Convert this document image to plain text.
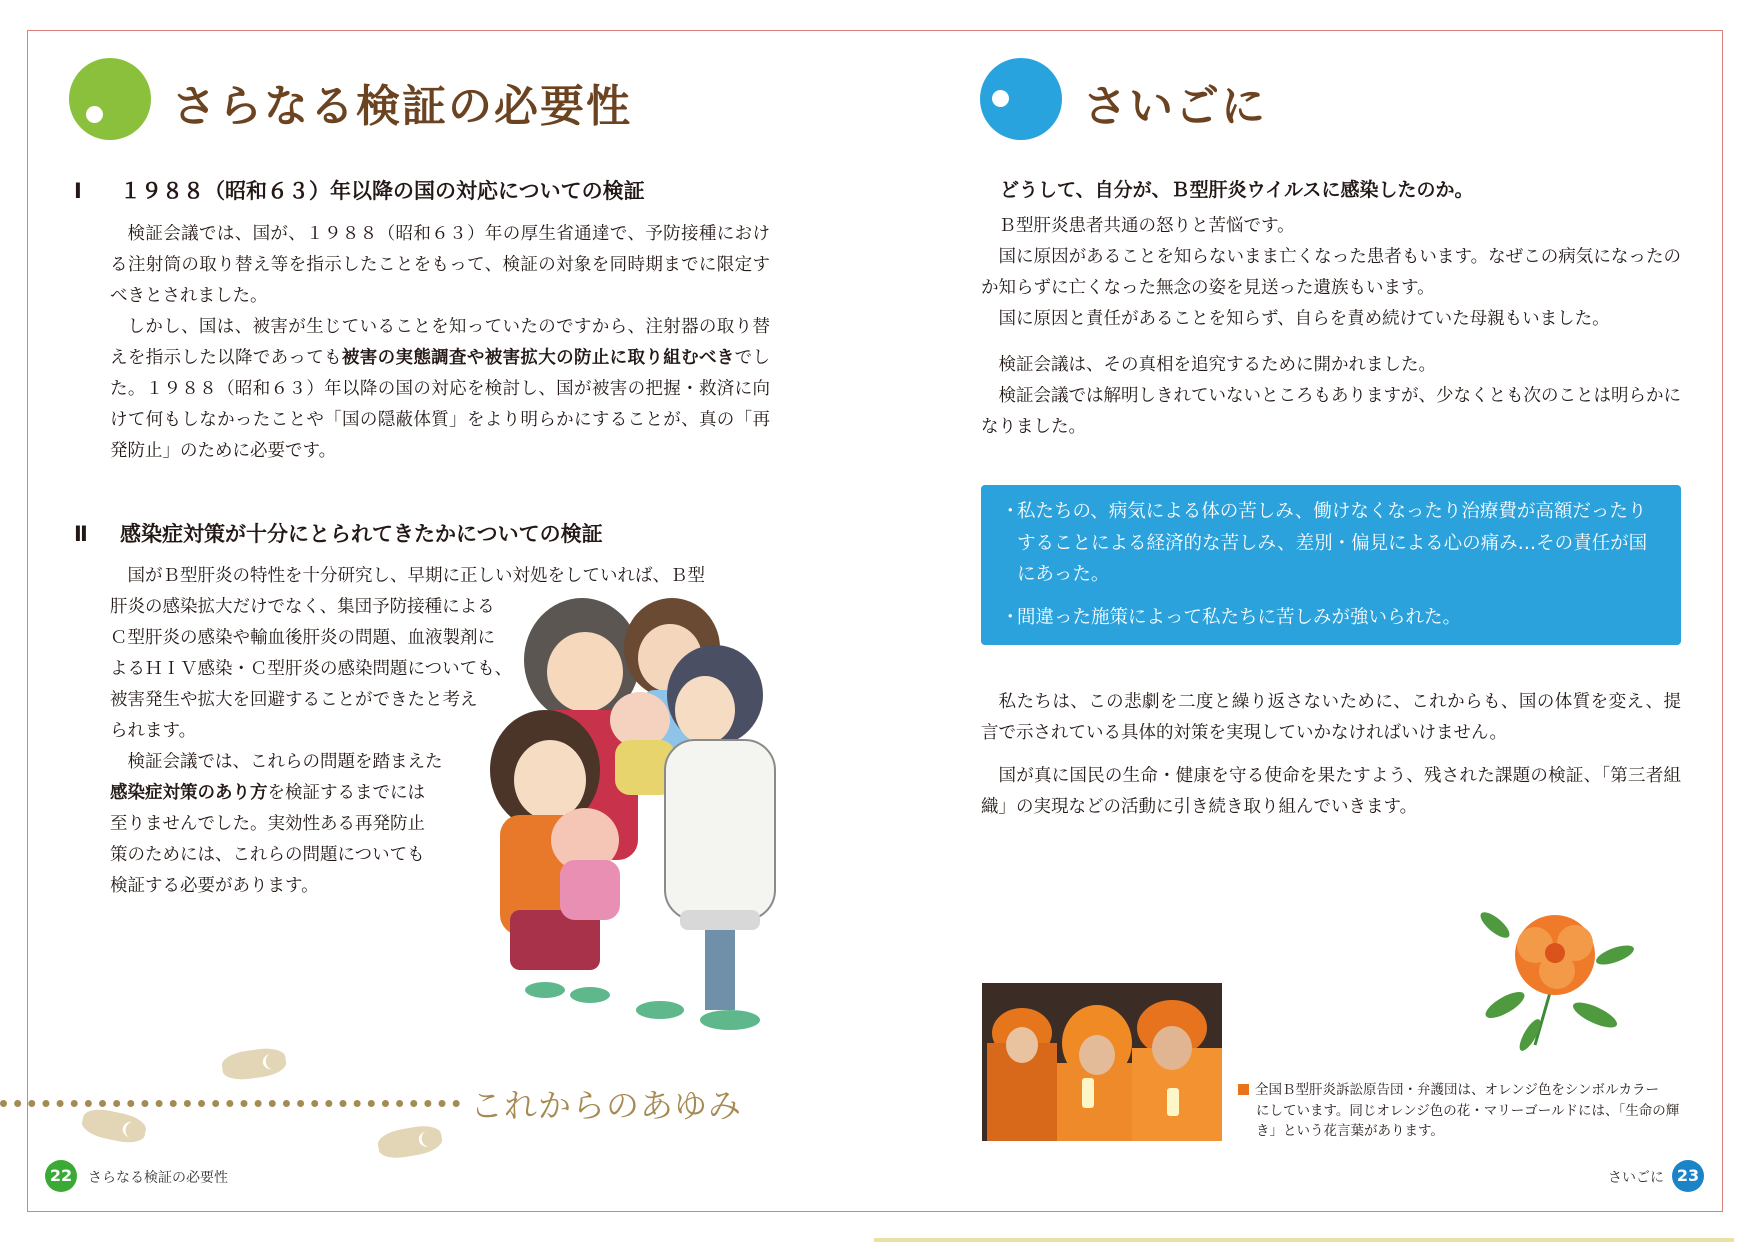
さらなる検証の必要性
Ⅰ １９８８（昭和６３）年以降の国の対応についての検証

検証会議では、国が、１９８８（昭和６３）年の厚生省通達で、予防接種における注射筒の取り替え等を指示したことをもって、検証の対象を同時期までに限定すべきとされました。

しかし、国は、被害が生じていることを知っていたのですから、注射器の取り替えを指示した以降であっても被害の実態調査や被害拡大の防止に取り組むべきでした。１９８８（昭和６３）年以降の国の対応を検討し、国が被害の把握・救済に向けて何もしなかったことや「国の隠蔽体質」をより明らかにすることが、真の「再発防止」のために必要です。

Ⅱ 感染症対策が十分にとられてきたかについての検証
国がＢ型肝炎の特性を十分研究し、早期に正しい対処をしていれば、Ｂ型
肝炎の感染拡大だけでなく、集団予防接種による
Ｃ型肝炎の感染や輸血後肝炎の問題、血液製剤に
よるＨＩＶ感染・Ｃ型肝炎の感染問題についても、
被害発生や拡大を回避することができたと考え
られます。
検証会議では、これらの問題を踏まえた
感染症対策のあり方を検証するまでには
至りませんでした。実効性ある再発防止
策のためには、これらの問題についても
検証する必要があります。
これからのあゆみ
22	さらなる検証の必要性
さいごに
どうして、自分が、Ｂ型肝炎ウイルスに感染したのか。

Ｂ型肝炎患者共通の怒りと苦悩です。

国に原因があることを知らないまま亡くなった患者もいます。なぜこの病気になったのか知らずに亡くなった無念の姿を見送った遺族もいます。

国に原因と責任があることを知らず、自らを責め続けていた母親もいました。

検証会議は、その真相を追究するために開かれました。

検証会議では解明しきれていないところもありますが、少なくとも次のことは明らかになりました。

・
私たちの、病気による体の苦しみ、働けなくなったり治療費が高額だったりすることによる経済的な苦しみ、差別・偏見による心の痛み…その責任が国にあった。
・
間違った施策によって私たちに苦しみが強いられた。

私たちは、この悲劇を二度と繰り返さないために、これからも、国の体質を変え、提言で示されている具体的対策を実現していかなければいけません。

国が真に国民の生命・健康を守る使命を果たすよう、残された課題の検証、「第三者組織」の実現などの活動に引き続き取り組んでいきます。

全国Ｂ型肝炎訴訟原告団・弁護団は、オレンジ色をシンボルカラー
にしています。同じオレンジ色の花・マリーゴールドには、「生命の輝き」という花言葉があります。
さいごに 23
